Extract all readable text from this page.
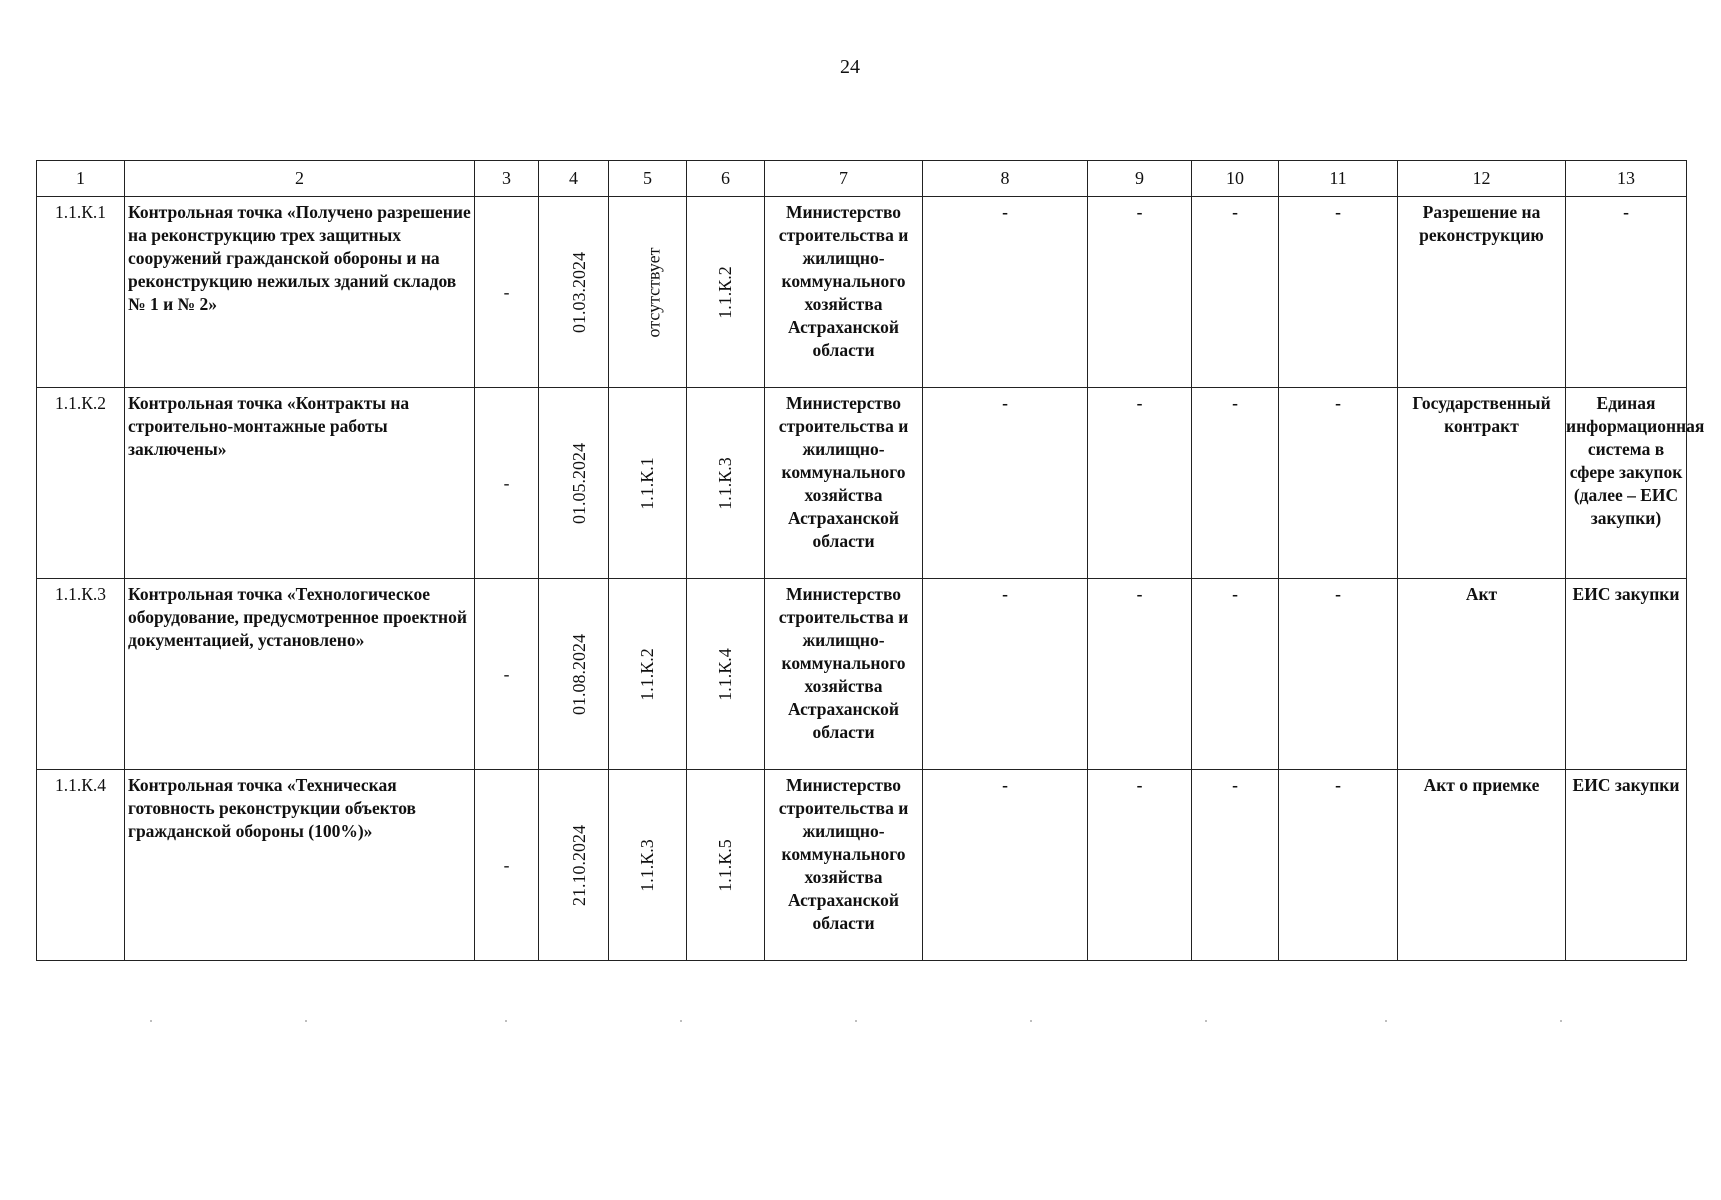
24
1	2	3	4	5	6	7	8	9	10	11	12	13
1.1.К.1	Контрольная точка «Получено разрешение на реконструкцию трех защитных сооружений гражданской обороны и на реконструкцию нежилых зданий складов № 1 и № 2»	-	01.03.2024	отсутствует	1.1.К.2	Министерство строительства и жилищно-коммунального хозяйства Астраханской области	-	-	-	-	Разрешение на реконструкцию	-
1.1.К.2	Контрольная точка «Контракты на строительно-монтажные работы заключены»	-	01.05.2024	1.1.К.1	1.1.К.3	Министерство строительства и жилищно-коммунального хозяйства Астраханской области	-	-	-	-	Государственный контракт	Единая информационная система в сфере закупок (далее – ЕИС закупки)
1.1.К.3	Контрольная точка «Технологическое оборудование, предусмотренное проектной документацией, установлено»	-	01.08.2024	1.1.К.2	1.1.К.4	Министерство строительства и жилищно-коммунального хозяйства Астраханской области	-	-	-	-	Акт	ЕИС закупки
1.1.К.4	Контрольная точка «Техническая готовность реконструкции объектов гражданской обороны (100%)»	-	21.10.2024	1.1.К.3	1.1.К.5	Министерство строительства и жилищно-коммунального хозяйства Астраханской области	-	-	-	-	Акт о приемке	ЕИС закупки
